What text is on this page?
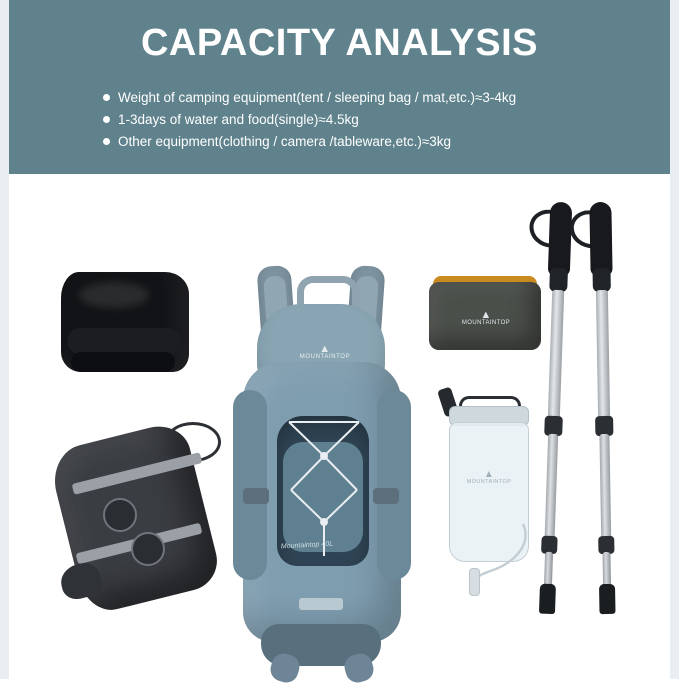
CAPACITY ANALYSIS
Weight of camping equipment(tent / sleeping bag / mat,etc.)≈3-4kg
1-3days of water and food(single)≈4.5kg
Other equipment(clothing / camera /tableware,etc.)≈3kg
▲
MOUNTAINTOP
Mountaintop 40L
▲
MOUNTAINTOP
▲
MOUNTAINTOP
